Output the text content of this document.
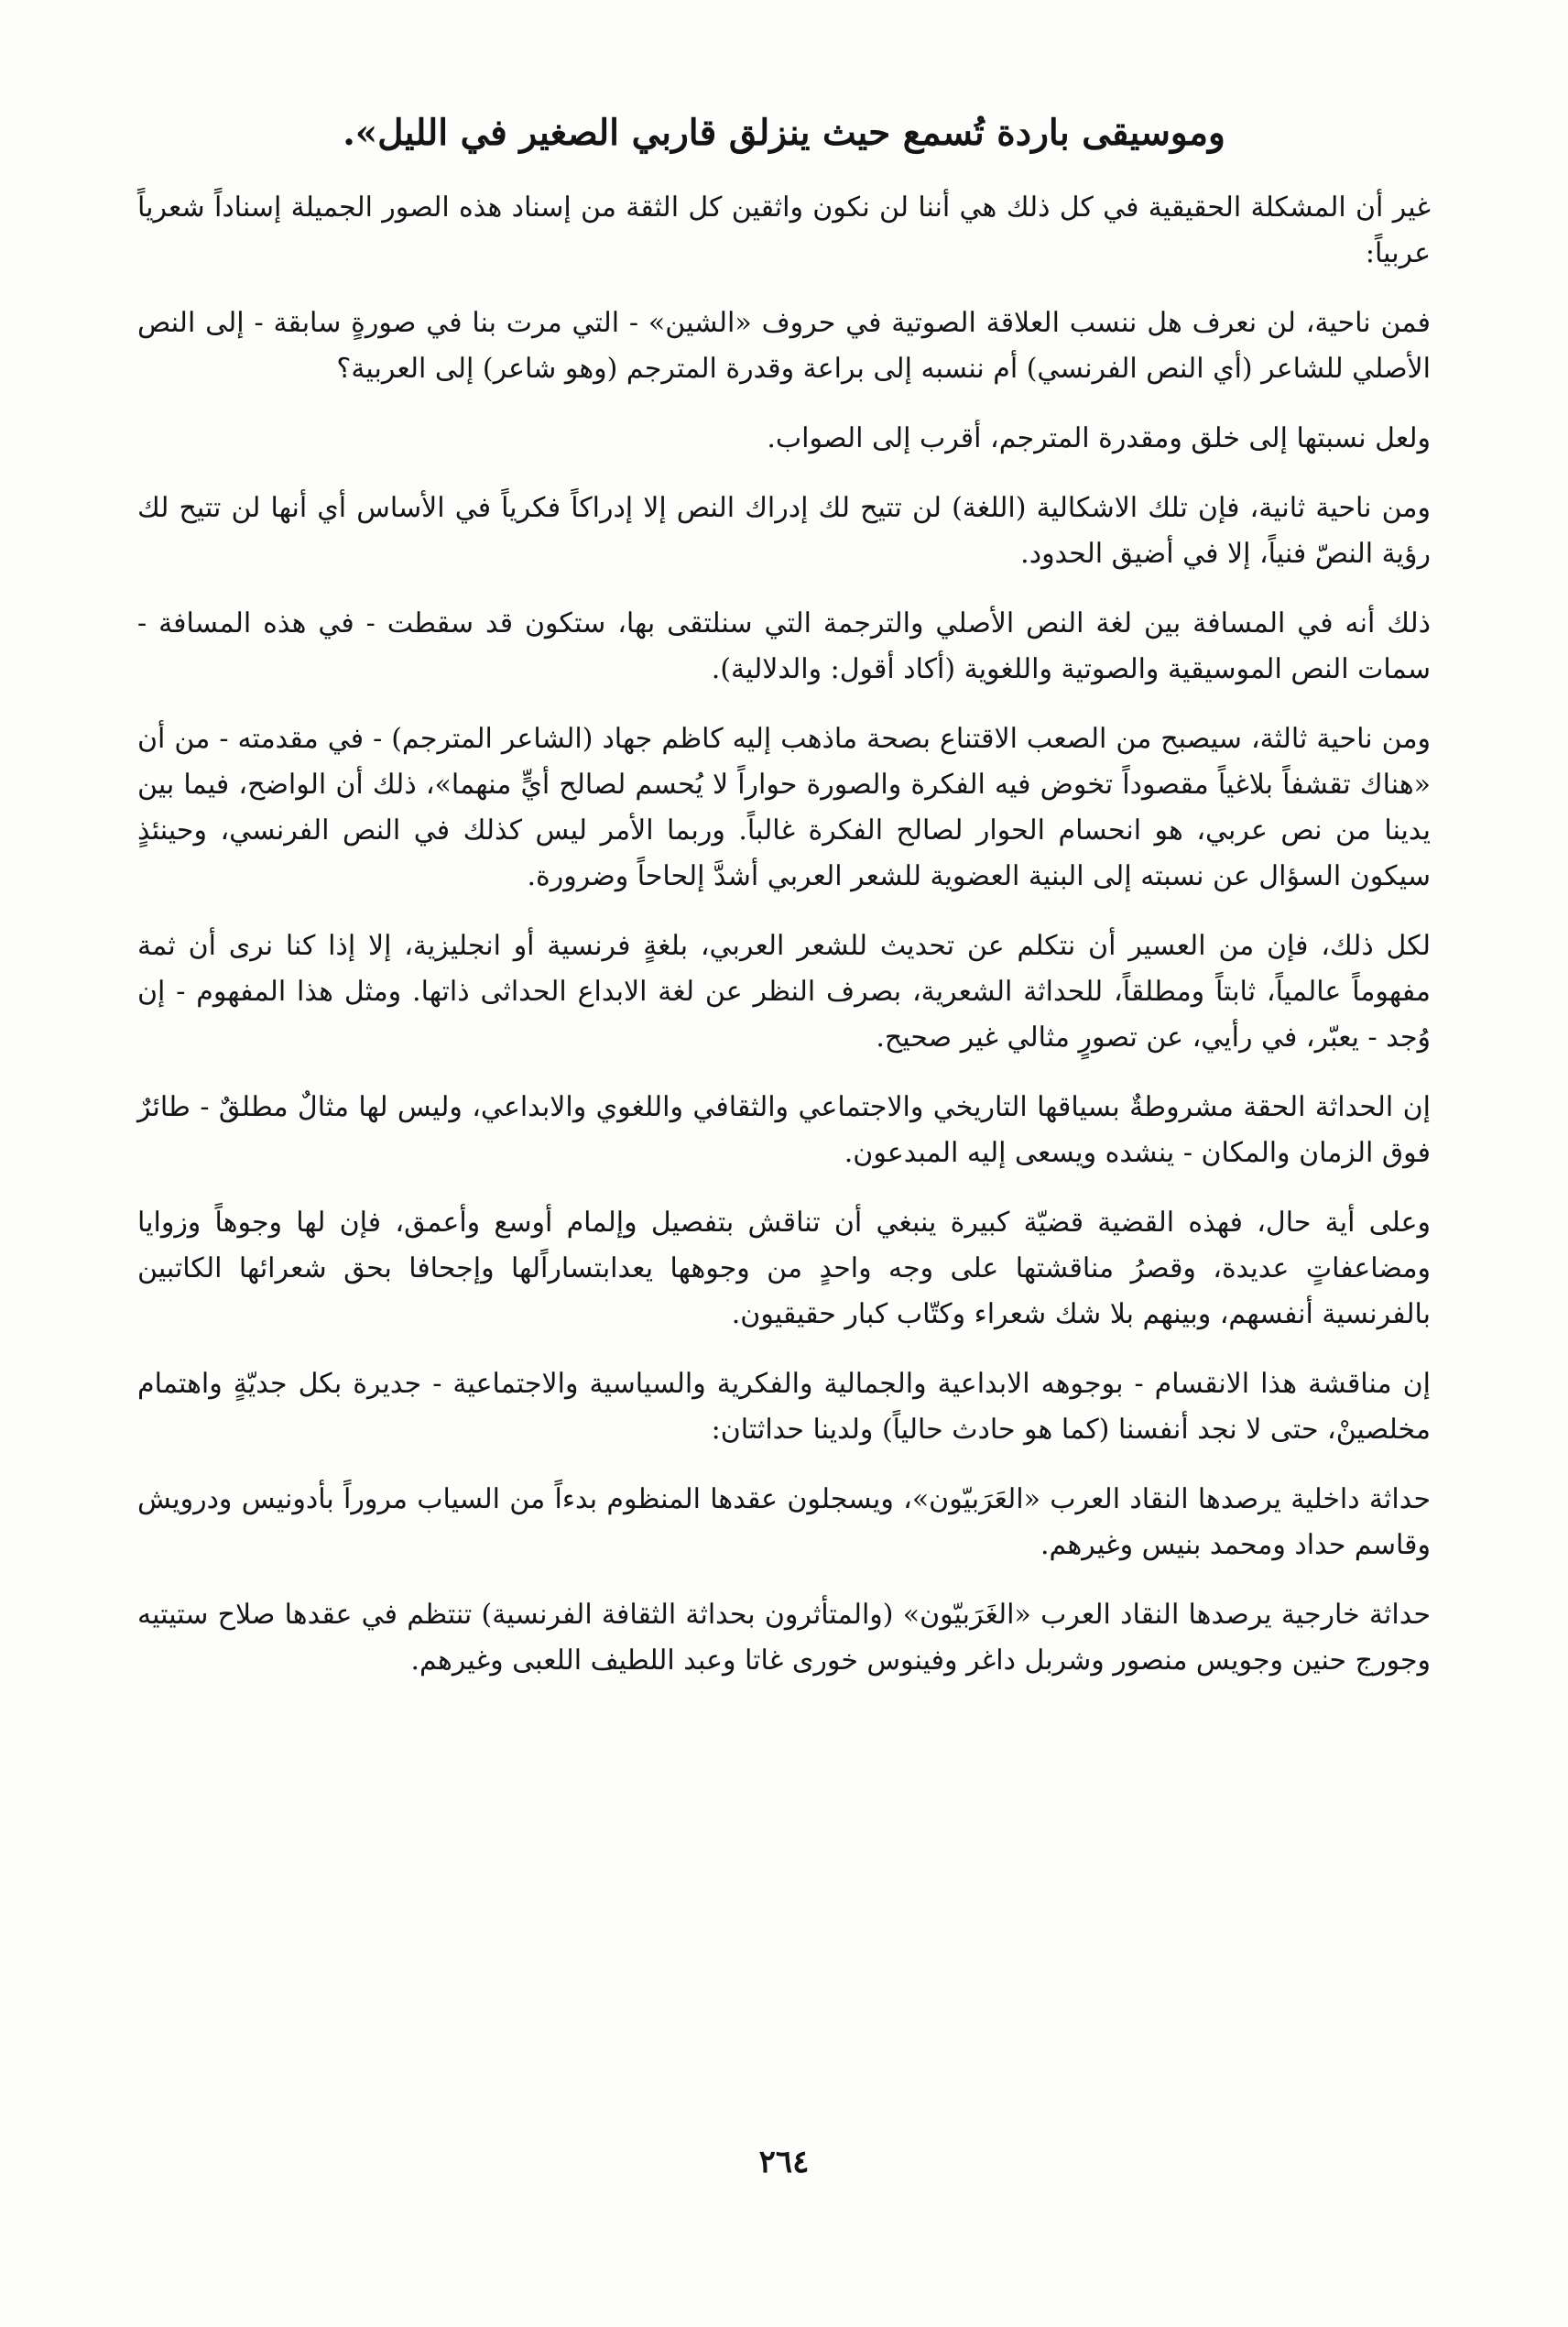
وموسيقى باردة تُسمع حيث ينزلق قاربي الصغير في الليل».

غير أن المشكلة الحقيقية في كل ذلك هي أننا لن نكون واثقين كل الثقة من إسناد هذه الصور الجميلة إسناداً شعرياً عربياً:

فمن ناحية، لن نعرف هل ننسب العلاقة الصوتية في حروف «الشين» - التي مرت بنا في صورةٍ سابقة - إلى النص الأصلي للشاعر (أي النص الفرنسي) أم ننسبه إلى براعة وقدرة المترجم (وهو شاعر) إلى العربية؟

ولعل نسبتها إلى خلق ومقدرة المترجم، أقرب إلى الصواب.

ومن ناحية ثانية، فإن تلك الاشكالية (اللغة) لن تتيح لك إدراك النص إلا إدراكاً فكرياً في الأساس أي أنها لن تتيح لك رؤية النصّ فنياً، إلا في أضيق الحدود.

ذلك أنه في المسافة بين لغة النص الأصلي والترجمة التي سنلتقى بها، ستكون قد سقطت - في هذه المسافة - سمات النص الموسيقية والصوتية واللغوية (أكاد أقول: والدلالية).

ومن ناحية ثالثة، سيصبح من الصعب الاقتناع بصحة ماذهب إليه كاظم جهاد (الشاعر المترجم) - في مقدمته - من أن «هناك تقشفاً بلاغياً مقصوداً تخوض فيه الفكرة والصورة حواراً لا يُحسم لصالح أيٍّ منهما»، ذلك أن الواضح، فيما بين يدينا من نص عربي، هو انحسام الحوار لصالح الفكرة غالباً. وربما الأمر ليس كذلك في النص الفرنسي، وحينئذٍ سيكون السؤال عن نسبته إلى البنية العضوية للشعر العربي أشدَّ إلحاحاً وضرورة.

لكل ذلك، فإن من العسير أن نتكلم عن تحديث للشعر العربي، بلغةٍ فرنسية أو انجليزية، إلا إذا كنا نرى أن ثمة مفهوماً عالمياً، ثابتاً ومطلقاً، للحداثة الشعرية، بصرف النظر عن لغة الابداع الحداثى ذاتها. ومثل هذا المفهوم - إن وُجد - يعبّر، في رأيي، عن تصورٍ مثالي غير صحيح.

إن الحداثة الحقة مشروطةٌ بسياقها التاريخي والاجتماعي والثقافي واللغوي والابداعي، وليس لها مثالٌ مطلقٌ - طائرٌ فوق الزمان والمكان - ينشده ويسعى إليه المبدعون.

وعلى أية حال، فهذه القضية قضيّة كبيرة ينبغي أن تناقش بتفصيل وإلمام أوسع وأعمق، فإن لها وجوهاً وزوايا ومضاعفاتٍ عديدة، وقصرُ مناقشتها على وجه واحدٍ من وجوهها يعدابتساراًلها وإجحافا بحق شعرائها الكاتبين بالفرنسية أنفسهم، وبينهم بلا شك شعراء وكتّاب كبار حقيقيون.

إن مناقشة هذا الانقسام - بوجوهه الابداعية والجمالية والفكرية والسياسية والاجتماعية - جديرة بكل جديّةٍ واهتمام مخلصينْ، حتى لا نجد أنفسنا (كما هو حادث حالياً) ولدينا حداثتان:

حداثة داخلية يرصدها النقاد العرب «العَرَبيّون»، ويسجلون عقدها المنظوم بدءاً من السياب مروراً بأدونيس ودرويش وقاسم حداد ومحمد بنيس وغيرهم.

حداثة خارجية يرصدها النقاد العرب «الغَرَبيّون» (والمتأثرون بحداثة الثقافة الفرنسية) تنتظم في عقدها صلاح ستيتيه وجورج حنين وجويس منصور وشربل داغر وفينوس خورى غاتا وعبد اللطيف اللعبى وغيرهم.

٢٦٤
